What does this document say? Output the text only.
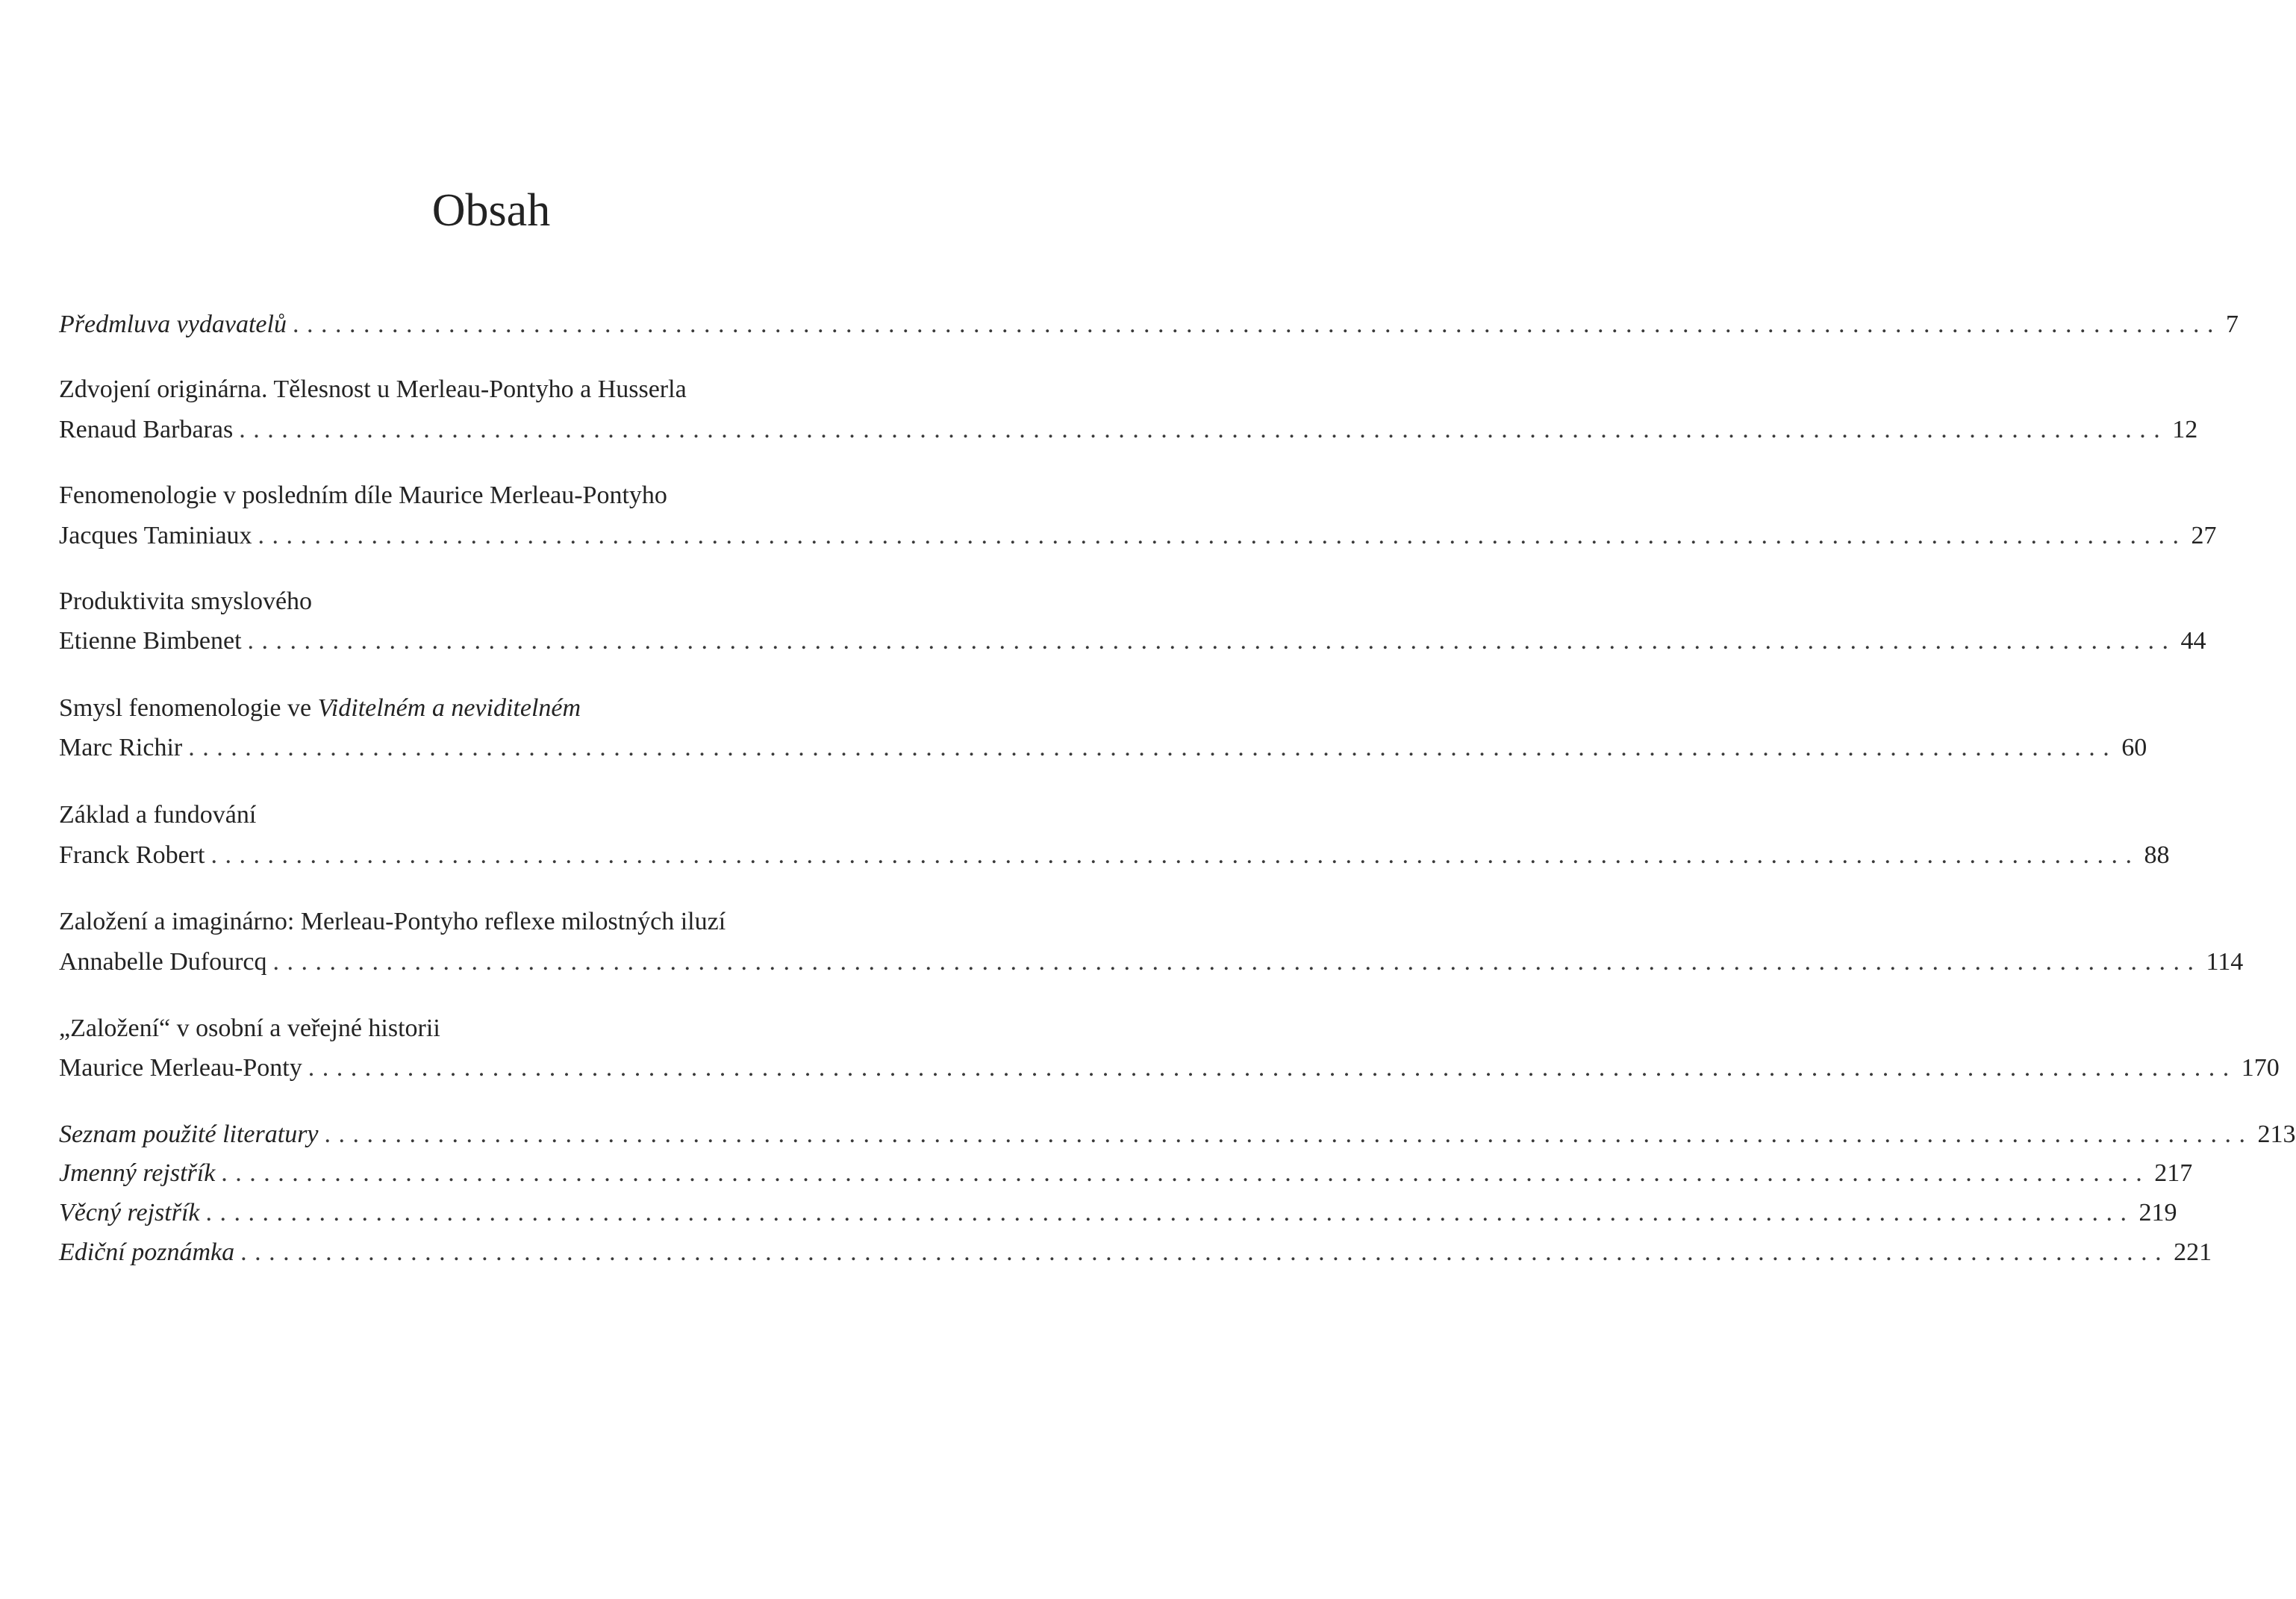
Obsah
Předmluva vydavatelů ........................................................................................................................................ 7
Zdvojení originárna. Tělesnost u Merleau-Pontyho a Husserla
Renaud Barbaras ........................................................................................................................................ 12
Fenomenologie v posledním díle Maurice Merleau-Pontyho
Jacques Taminiaux ........................................................................................................................................ 27
Produktivita smyslového
Etienne Bimbenet ........................................................................................................................................ 44
Smysl fenomenologie ve Viditelném a neviditelném
Marc Richir ........................................................................................................................................ 60
Základ a fundování
Franck Robert ........................................................................................................................................ 88
Založení a imaginárno: Merleau-Pontyho reflexe milostných iluzí
Annabelle Dufourcq ........................................................................................................................................ 114
„Založení“ v osobní a veřejné historii
Maurice Merleau-Ponty ........................................................................................................................................ 170
Seznam použité literatury ........................................................................................................................................ 213
Jmenný rejstřík ........................................................................................................................................ 217
Věcný rejstřík ........................................................................................................................................ 219
Ediční poznámka ........................................................................................................................................ 221
